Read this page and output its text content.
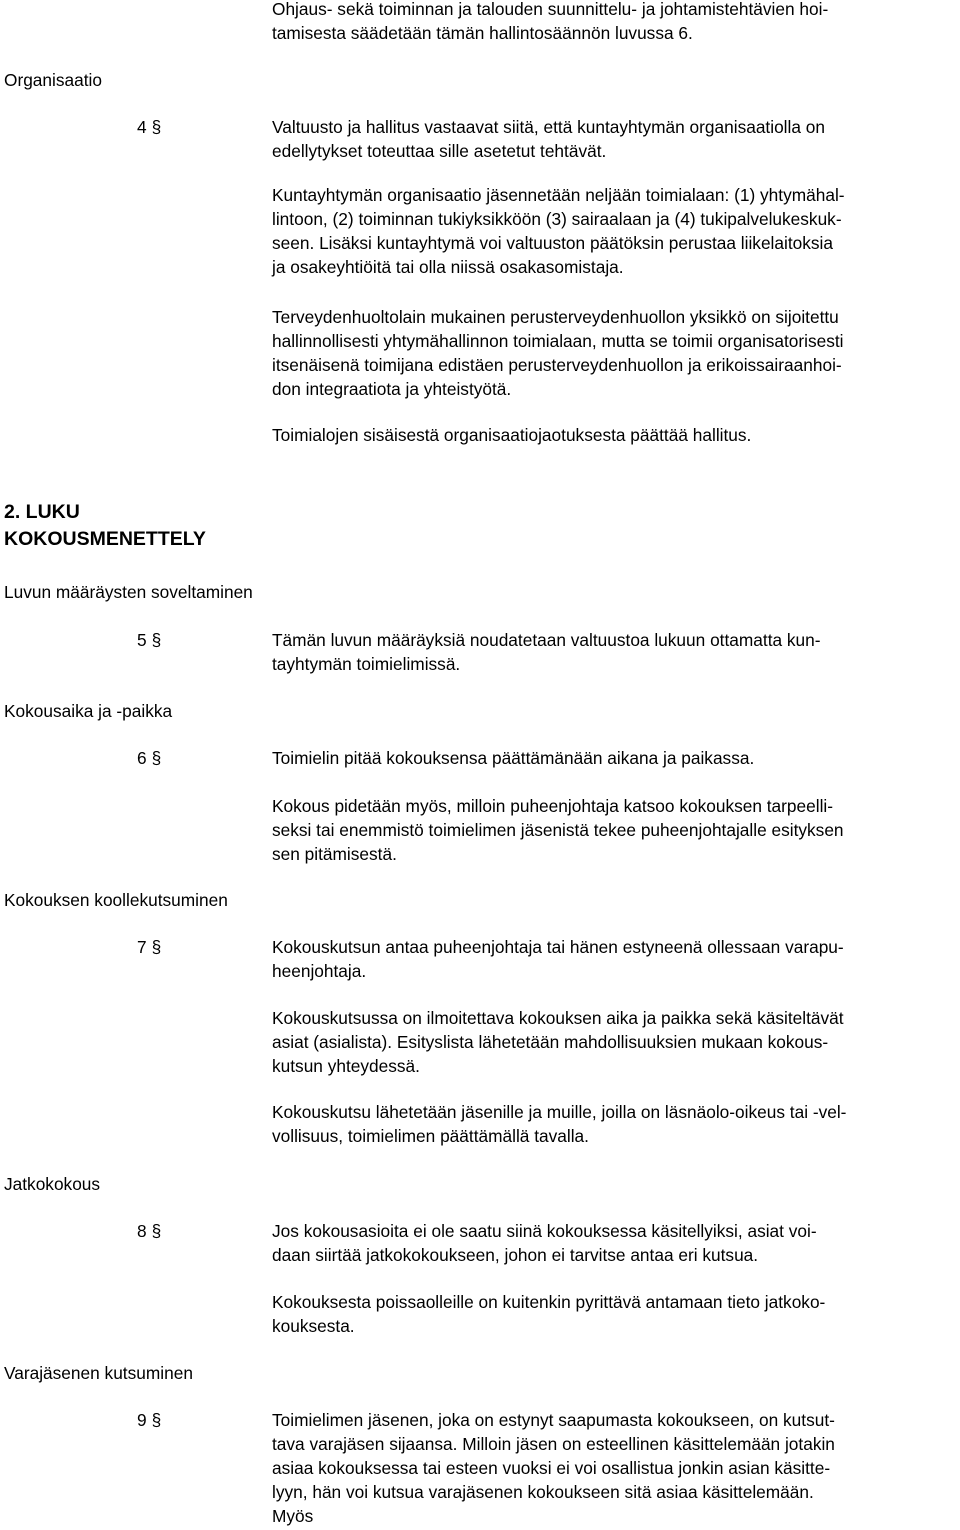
Ohjaus- sekä toiminnan ja talouden suunnittelu- ja johtamistehtävien hoi-
tamisesta säädetään tämän hallintosäännön luvussa 6.

Organisaatio
4 §	Valtuusto ja hallitus vastaavat siitä, että kuntayhtymän organisaatiolla on
edellytykset toteuttaa sille asetetut tehtävät.

Kuntayhtymän organisaatio jäsennetään neljään toimialaan: (1) yhtymähal-
lintoon, (2) toiminnan tukiyksikköön (3) sairaalaan ja (4) tukipalvelukeskuk-
seen. Lisäksi kuntayhtymä voi valtuuston päätöksin perustaa liikelaitoksia
ja osakeyhtiöitä tai olla niissä osakasomistaja.

Terveydenhuoltolain mukainen perusterveydenhuollon yksikkö on sijoitettu
hallinnollisesti yhtymähallinnon toimialaan, mutta se toimii organisatorisesti
itsenäisenä toimijana edistäen perusterveydenhuollon ja erikoissairaanhoi-
don integraatiota ja yhteistyötä.

Toimialojen sisäisestä organisaatiojaotuksesta päättää hallitus.

2. LUKU
KOKOUSMENETTELY
Luvun määräysten soveltaminen
5 §	Tämän luvun määräyksiä noudatetaan valtuustoa lukuun ottamatta kun-
tayhtymän toimielimissä.

Kokousaika ja -paikka
6 §	Toimielin pitää kokouksensa päättämänään aikana ja paikassa.

Kokous pidetään myös, milloin puheenjohtaja katsoo kokouksen tarpeelli-
seksi tai enemmistö toimielimen jäsenistä tekee puheenjohtajalle esityksen
sen pitämisestä.

Kokouksen koollekutsuminen
7 §	Kokouskutsun antaa puheenjohtaja tai hänen estyneenä ollessaan varapu-
heenjohtaja.

Kokouskutsussa on ilmoitettava kokouksen aika ja paikka sekä käsiteltävät
asiat (asialista). Esityslista lähetetään mahdollisuuksien mukaan kokous-
kutsun yhteydessä.

Kokouskutsu lähetetään jäsenille ja muille, joilla on läsnäolo-oikeus tai -vel-
vollisuus, toimielimen päättämällä tavalla.

Jatkokokous
8 §	Jos kokousasioita ei ole saatu siinä kokouksessa käsitellyiksi, asiat voi-
daan siirtää jatkokokoukseen, johon ei tarvitse antaa eri kutsua.

Kokouksesta poissaolleille on kuitenkin pyrittävä antamaan tieto jatkoko-
kouksesta.

Varajäsenen kutsuminen
9 §	Toimielimen jäsenen, joka on estynyt saapumasta kokoukseen, on kutsut-
tava varajäsen sijaansa. Milloin jäsen on esteellinen käsittelemään jotakin
asiaa kokouksessa tai esteen vuoksi ei voi osallistua jonkin asian käsitte-
lyyn, hän voi kutsua varajäsenen kokoukseen sitä asiaa käsittelemään.
Myös
